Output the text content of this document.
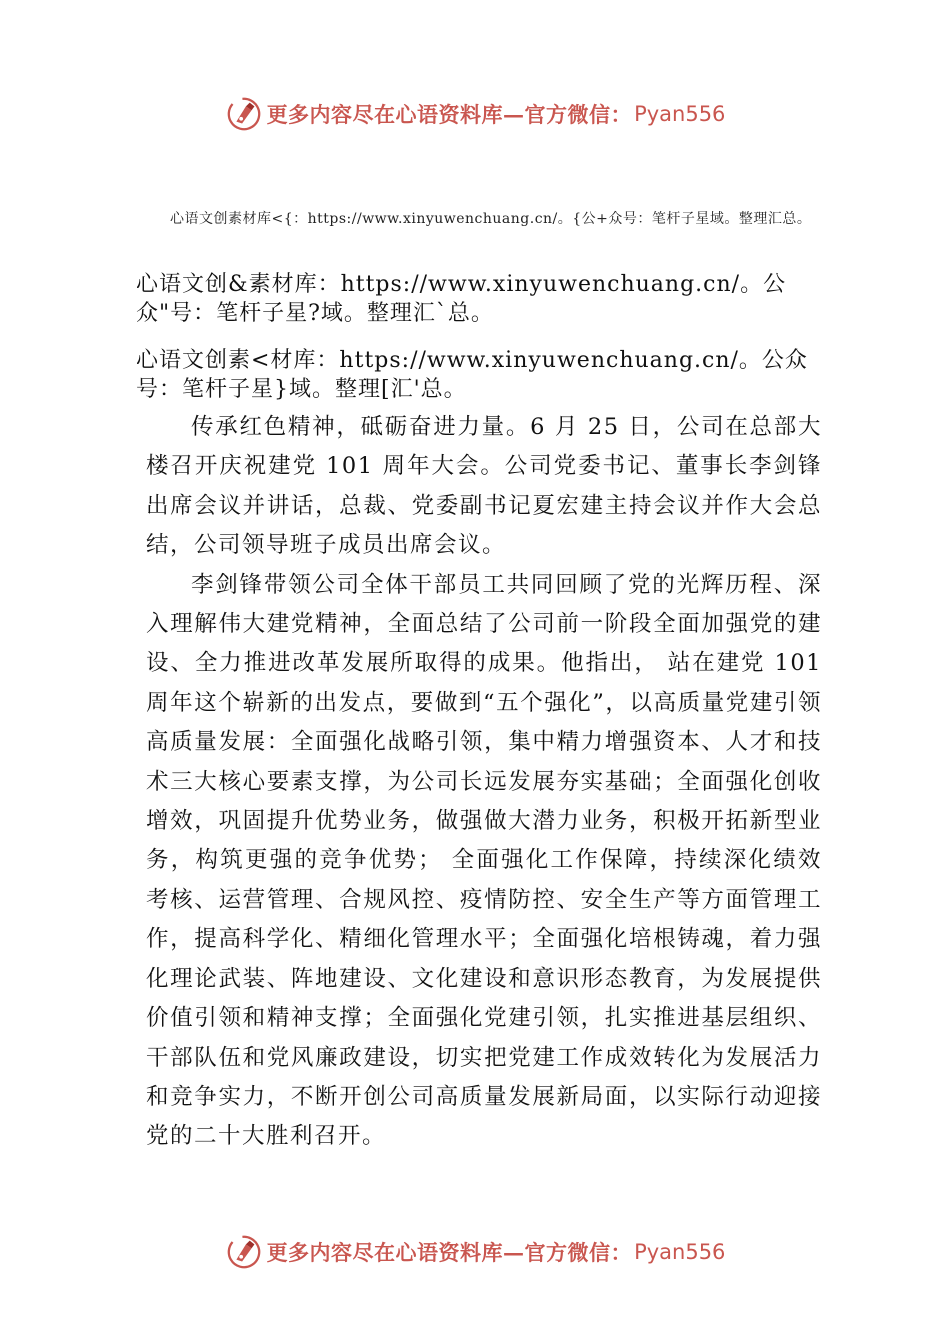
更多内容尽在心语资料库—官方微信： Pyan556
心语文创素材库<{：https://www.xinyuwenchuang.cn/。{公+众号：笔杆子星域。整理汇总。
心语文创&素材库：https://www.xinyuwenchuang.cn/。公众"号：笔杆子星?域。整理汇`总。
心语文创素<材库：https://www.xinyuwenchuang.cn/。公众号：笔杆子星}域。整理[汇'总。

传承红色精神，砥砺奋进力量。6 月 25 日，公司在总部大楼召开庆祝建党 101 周年大会。公司党委书记、董事长李剑锋出席会议并讲话，总裁、党委副书记夏宏建主持会议并作大会总结，公司领导班子成员出席会议。

李剑锋带领公司全体干部员工共同回顾了党的光辉历程、深入理解伟大建党精神，全面总结了公司前一阶段全面加强党的建设、全力推进改革发展所取得的成果。他指出， 站在建党 101 周年这个崭新的出发点，要做到“五个强化”，以高质量党建引领高质量发展：全面强化战略引领，集中精力增强资本、人才和技术三大核心要素支撑，为公司长远发展夯实基础；全面强化创收增效，巩固提升优势业务，做强做大潜力业务，积极开拓新型业务，构筑更强的竞争优势； 全面强化工作保障，持续深化绩效考核、运营管理、合规风控、疫情防控、安全生产等方面管理工作，提高科学化、精细化管理水平；全面强化培根铸魂，着力强化理论武装、阵地建设、文化建设和意识形态教育，为发展提供价值引领和精神支撑；全面强化党建引领，扎实推进基层组织、干部队伍和党风廉政建设，切实把党建工作成效转化为发展活力和竞争实力，不断开创公司高质量发展新局面，以实际行动迎接党的二十大胜利召开。

更多内容尽在心语资料库—官方微信： Pyan556
